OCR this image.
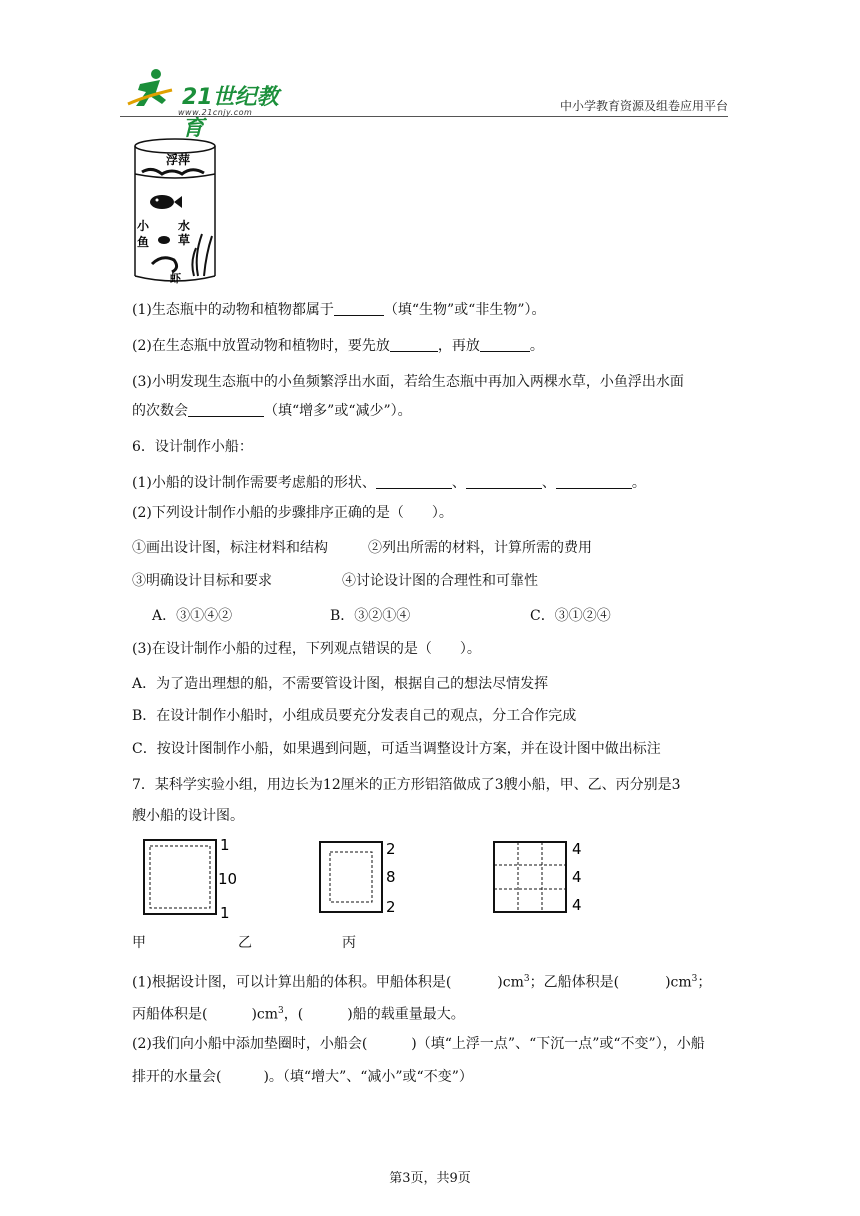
21世纪教育
www.21cnjy.com	中小学教育资源及组卷应用平台
浮萍
小
鱼
水
草
虾
(1)生态瓶中的动物和植物都属于	（填“生物”或“非生物”）。
(2)在生态瓶中放置动物和植物时，要先放	，再放	。
(3)小明发现生态瓶中的小鱼频繁浮出水面，若给生态瓶中再加入两棵水草，小鱼浮出水面
的次数会	（填“增多”或“减少”）。
6．设计制作小船：
(1)小船的设计制作需要考虑船的形状、	、	、	。
(2)下列设计制作小船的步骤排序正确的是（　　）。
①画出设计图，标注材料和结构	②列出所需的材料，计算所需的费用
③明确设计目标和要求	④讨论设计图的合理性和可靠性
A．③①④②	B．③②①④	C．③①②④
(3)在设计制作小船的过程，下列观点错误的是（　　）。
A．为了造出理想的船，不需要管设计图，根据自己的想法尽情发挥
B．在设计制作小船时，小组成员要充分发表自己的观点，分工合作完成
C．按设计图制作小船，如果遇到问题，可适当调整设计方案，并在设计图中做出标注
7．某科学实验小组，用边长为12厘米的正方形铝箔做成了3艘小船，甲、乙、丙分别是3
艘小船的设计图。
1
10
1
2
8
2
4
4
4
甲	乙	丙
(1)根据设计图，可以计算出船的体积。甲船体积是(	)$cm^3$；乙船体积是(	)$cm^3$；
丙船体积是(	)$cm^3$，(	)船的载重量最大。
(2)我们向小船中添加垫圈时，小船会(	)（填“上浮一点”、“下沉一点”或“不变”），小船
排开的水量会(	)。（填“增大”、“减小”或“不变”）
第3页，共9页
